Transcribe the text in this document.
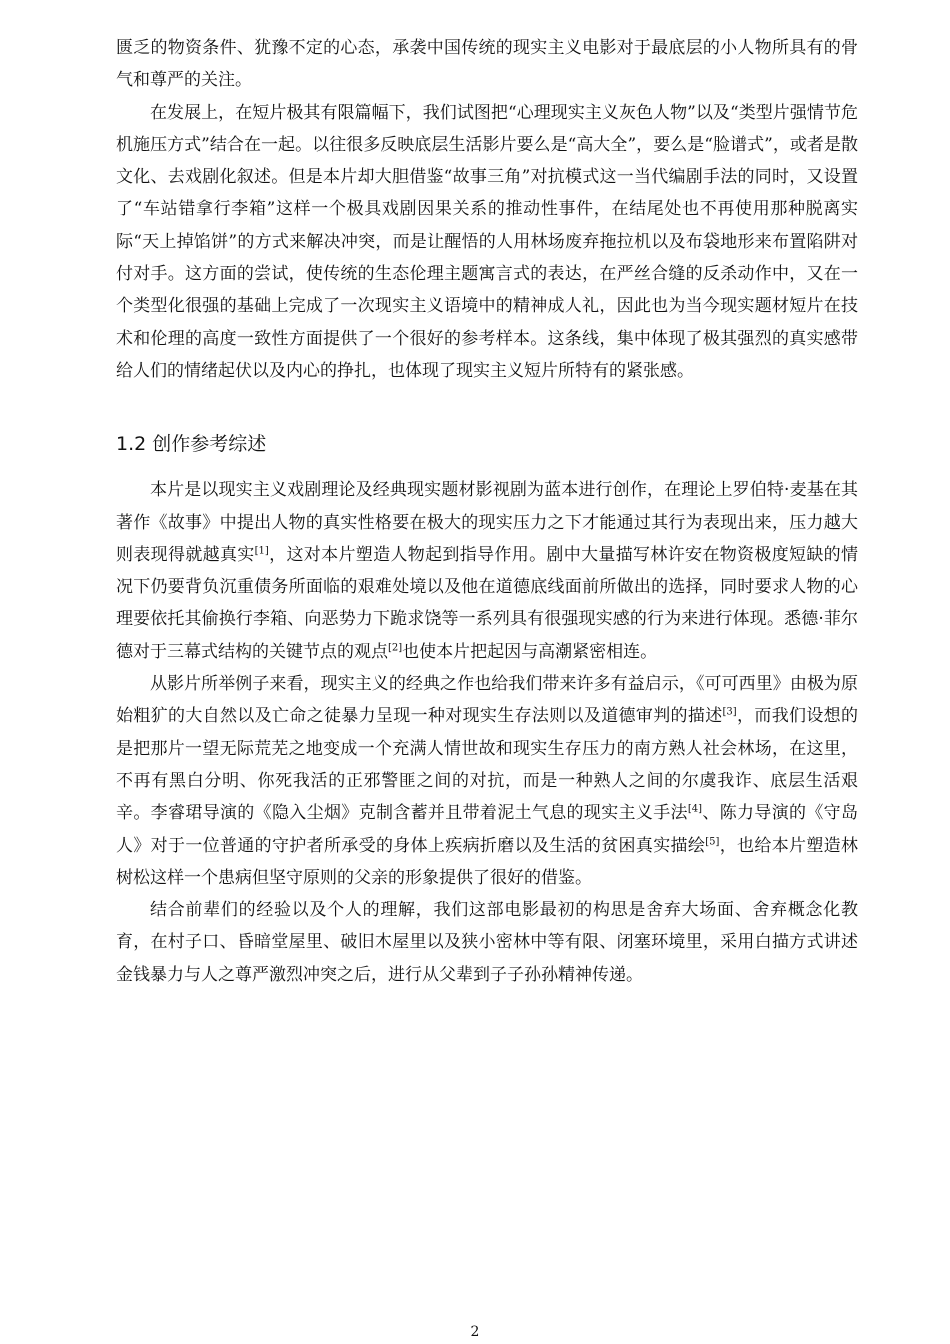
匮乏的物资条件、犹豫不定的心态，承袭中国传统的现实主义电影对于最底层的小人物所具有的骨气和尊严的关注。

在发展上，在短片极其有限篇幅下，我们试图把“心理现实主义灰色人物”以及“类型片强情节危机施压方式”结合在一起。以往很多反映底层生活影片要么是“高大全”，要么是“脸谱式”，或者是散文化、去戏剧化叙述。但是本片却大胆借鉴“故事三角”对抗模式这一当代编剧手法的同时，又设置了“车站错拿行李箱”这样一个极具戏剧因果关系的推动性事件，在结尾处也不再使用那种脱离实际“天上掉馅饼”的方式来解决冲突，而是让醒悟的人用林场废弃拖拉机以及布袋地形来布置陷阱对付对手。这方面的尝试，使传统的生态伦理主题寓言式的表达，在严丝合缝的反杀动作中，又在一个类型化很强的基础上完成了一次现实主义语境中的精神成人礼，因此也为当今现实题材短片在技术和伦理的高度一致性方面提供了一个很好的参考样本。这条线，集中体现了极其强烈的真实感带给人们的情绪起伏以及内心的挣扎，也体现了现实主义短片所特有的紧张感。

1.2 创作参考综述

本片是以现实主义戏剧理论及经典现实题材影视剧为蓝本进行创作，在理论上罗伯特·麦基在其著作《故事》中提出人物的真实性格要在极大的现实压力之下才能通过其行为表现出来，压力越大则表现得就越真实[1]，这对本片塑造人物起到指导作用。剧中大量描写林许安在物资极度短缺的情况下仍要背负沉重债务所面临的艰难处境以及他在道德底线面前所做出的选择，同时要求人物的心理要依托其偷换行李箱、向恶势力下跪求饶等一系列具有很强现实感的行为来进行体现。悉德·菲尔德对于三幕式结构的关键节点的观点[2]也使本片把起因与高潮紧密相连。

从影片所举例子来看，现实主义的经典之作也给我们带来许多有益启示，《可可西里》由极为原始粗犷的大自然以及亡命之徒暴力呈现一种对现实生存法则以及道德审判的描述[3]，而我们设想的是把那片一望无际荒芜之地变成一个充满人情世故和现实生存压力的南方熟人社会林场，在这里，不再有黑白分明、你死我活的正邪警匪之间的对抗，而是一种熟人之间的尔虞我诈、底层生活艰辛。李睿珺导演的《隐入尘烟》克制含蓄并且带着泥土气息的现实主义手法[4]、陈力导演的《守岛人》对于一位普通的守护者所承受的身体上疾病折磨以及生活的贫困真实描绘[5]，也给本片塑造林树松这样一个患病但坚守原则的父亲的形象提供了很好的借鉴。

结合前辈们的经验以及个人的理解，我们这部电影最初的构思是舍弃大场面、舍弃概念化教育，在村子口、昏暗堂屋里、破旧木屋里以及狭小密林中等有限、闭塞环境里，采用白描方式讲述金钱暴力与人之尊严激烈冲突之后，进行从父辈到子子孙孙精神传递。

2
